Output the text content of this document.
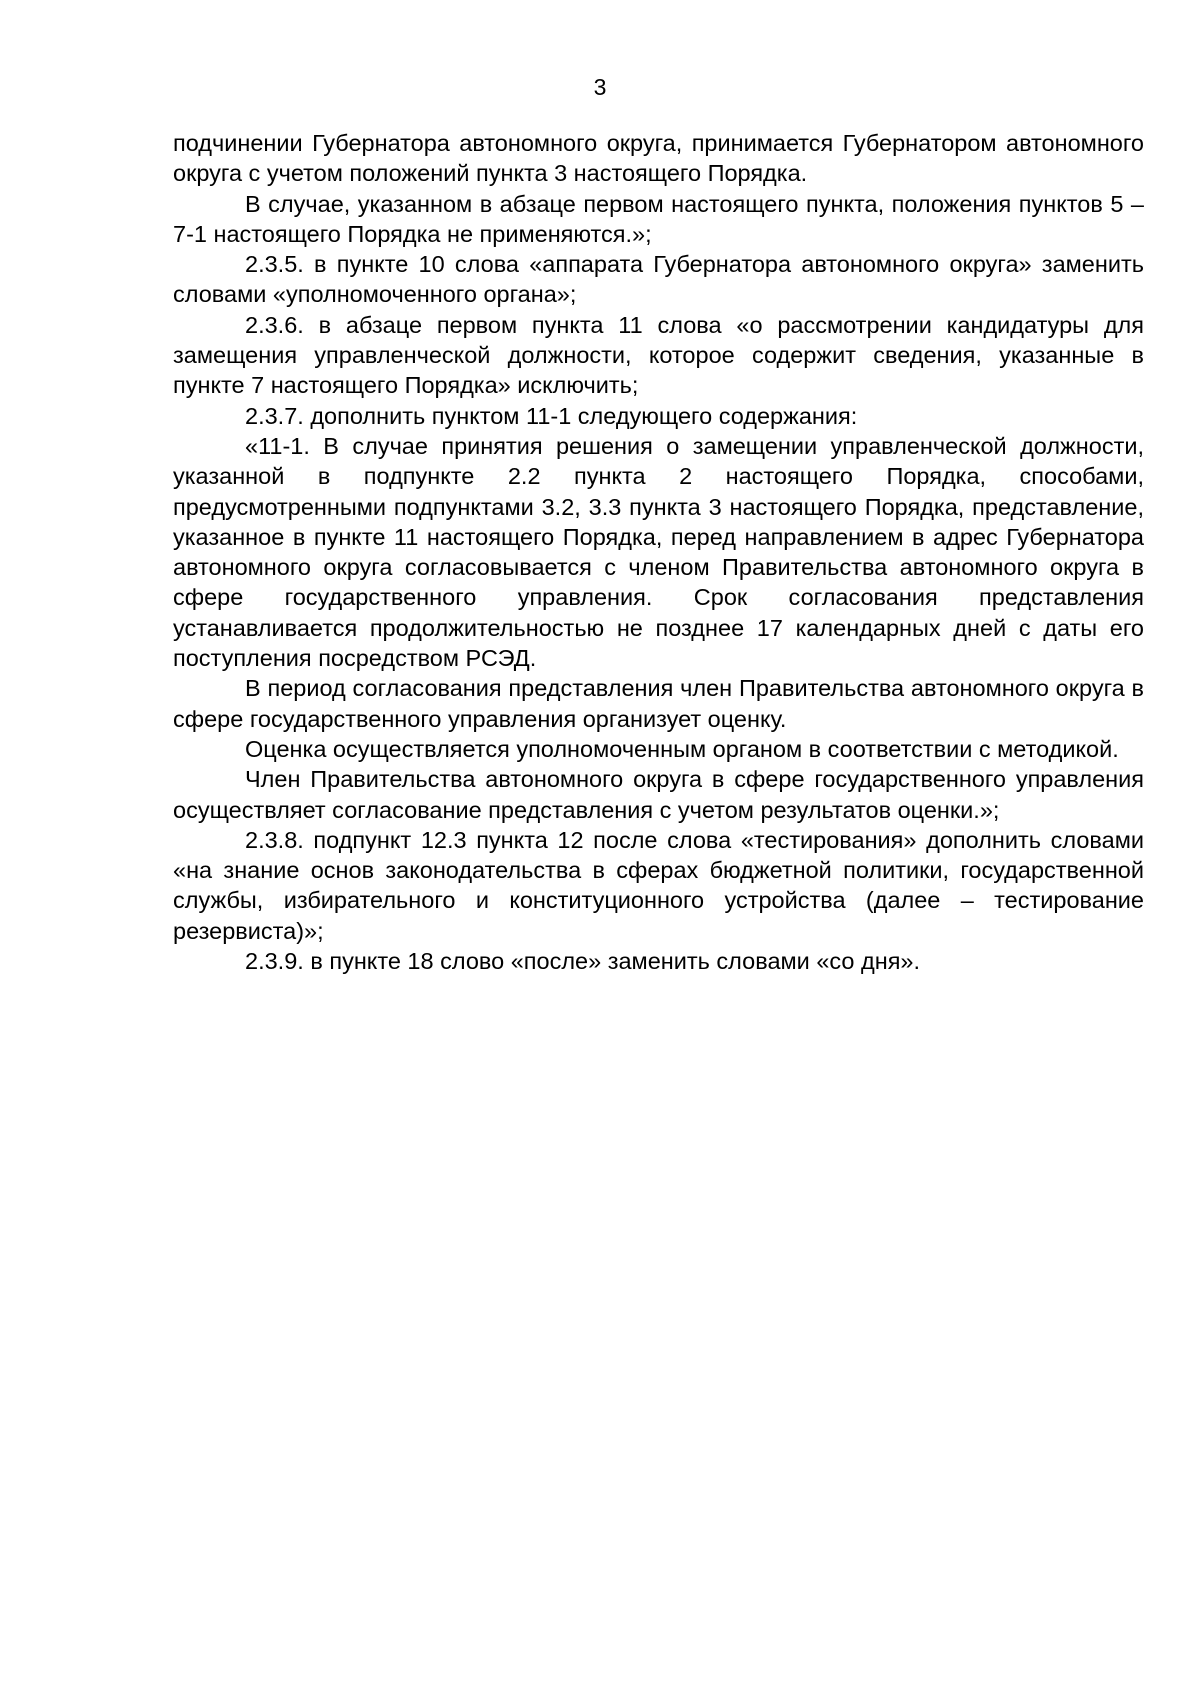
3

подчинении Губернатора автономного округа, принимается Губернатором автономного округа с учетом положений пункта 3 настоящего Порядка.

В случае, указанном в абзаце первом настоящего пункта, положения пунктов 5 – 7-1 настоящего Порядка не применяются.»;

2.3.5. в пункте 10 слова «аппарата Губернатора автономного округа» заменить словами «уполномоченного органа»;

2.3.6. в абзаце первом пункта 11 слова «о рассмотрении кандидатуры для замещения управленческой должности, которое содержит сведения, указанные в пункте 7 настоящего Порядка» исключить;

2.3.7. дополнить пунктом 11-1 следующего содержания:

«11-1. В случае принятия решения о замещении управленческой должности, указанной в подпункте 2.2 пункта 2 настоящего Порядка, способами, предусмотренными подпунктами 3.2, 3.3 пункта 3 настоящего Порядка, представление, указанное в пункте 11 настоящего Порядка, перед направлением в адрес Губернатора автономного округа согласовывается с членом Правительства автономного округа в сфере государственного управления. Срок согласования представления устанавливается продолжительностью не позднее 17 календарных дней с даты его поступления посредством РСЭД.

В период согласования представления член Правительства автономного округа в сфере государственного управления организует оценку.

Оценка осуществляется уполномоченным органом в соответствии с методикой.

Член Правительства автономного округа в сфере государственного управления осуществляет согласование представления с учетом результатов оценки.»;

2.3.8. подпункт 12.3 пункта 12 после слова «тестирования» дополнить словами «на знание основ законодательства в сферах бюджетной политики, государственной службы, избирательного и конституционного устройства (далее – тестирование резервиста)»;

2.3.9. в пункте 18 слово «после» заменить словами «со дня».
